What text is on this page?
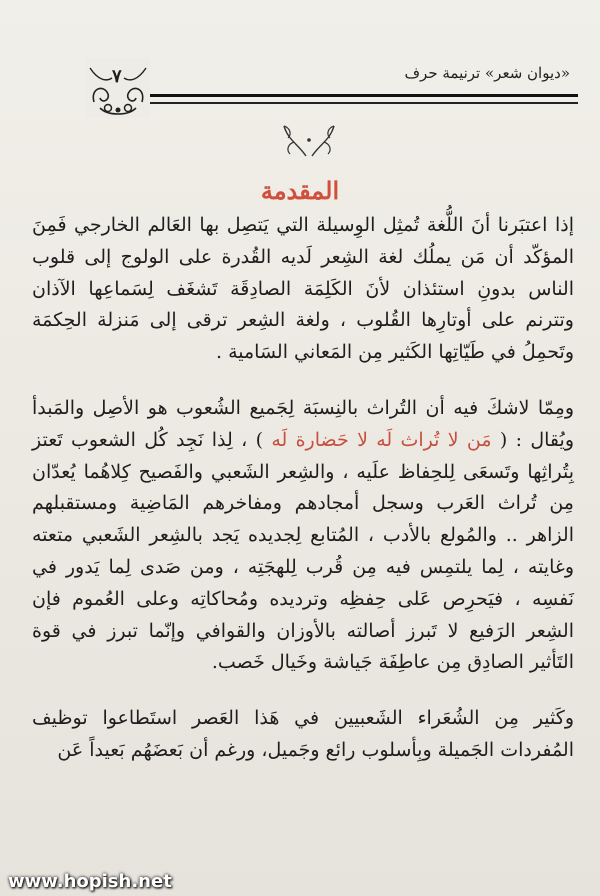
«ديوان شعر» ترنيمة حرف
٧
المقدمة

إذا اعتبَرنا أنَ اللُّغة تُمثِل الوِسيلة التي يَتصِل بها العَالم الخارجي فَمِنَ المؤكّد أن مَن يملُك لغة الشِعر لَديه القُدرة على الولوج إلى قلوب الناس بدونِ استئذان لأنَ الكَلِمَة الصادِقَة تَشغَف لِسَماعِها الآذان وتترنم على أوتارِها القُلوب ، ولغة الشِعر ترقى إلى مَنزلة الحِكمَة وتَحمِلُ في طَيّاتِها الكَثير مِن المَعاني السَامية .

ومِمّا لاشكَ فيه أن التُراث بالنِسبَة لِجَميع الشُعوب هو الأصِل والمَبدأ ويُقال : ( مَن لا تُراث لَه لا حَضارة لَه ) ، لِذا نَجِد كُل الشعوب تَعتز بِتُراثِها وتَسعَى لِلحِفاظ علَيه ، والشِعر الشَعبي والفَصيح كِلاهُما يُعدّان مِن تُراث العَرب وسجل أمجادهم ومفاخرهم المَاضِية ومستقبلهم الزاهر .. والمُولع بالأدب ، المُتابع لِجديده يَجد بالشِعر الشَعبي متعته وغايته ، لِما يلتمِس فيه مِن قُرب لِلهجَتِه ، ومن صَدى لِما يَدور في نَفسِه ، فيَحرِص عَلى حِفظِه وترديده ومُحاكاتِه وعلى العُموم فإن الشِعر الرَفيع لا تَبرز أصالته بالأوزان والقوافي وإنّما تبرز في قوة التَأثير الصادِق مِن عاطِفَة جَياشة وخَيال خَصب.

وكَثير مِن الشُعَراء الشَعبيين في هَذا العَصر استَطاعوا توظيف المُفردات الجَميلة وبِأسلوب رائع وجَميل، ورغم أن بَعضَهُم بَعيداً عَن

www.hopish.net
